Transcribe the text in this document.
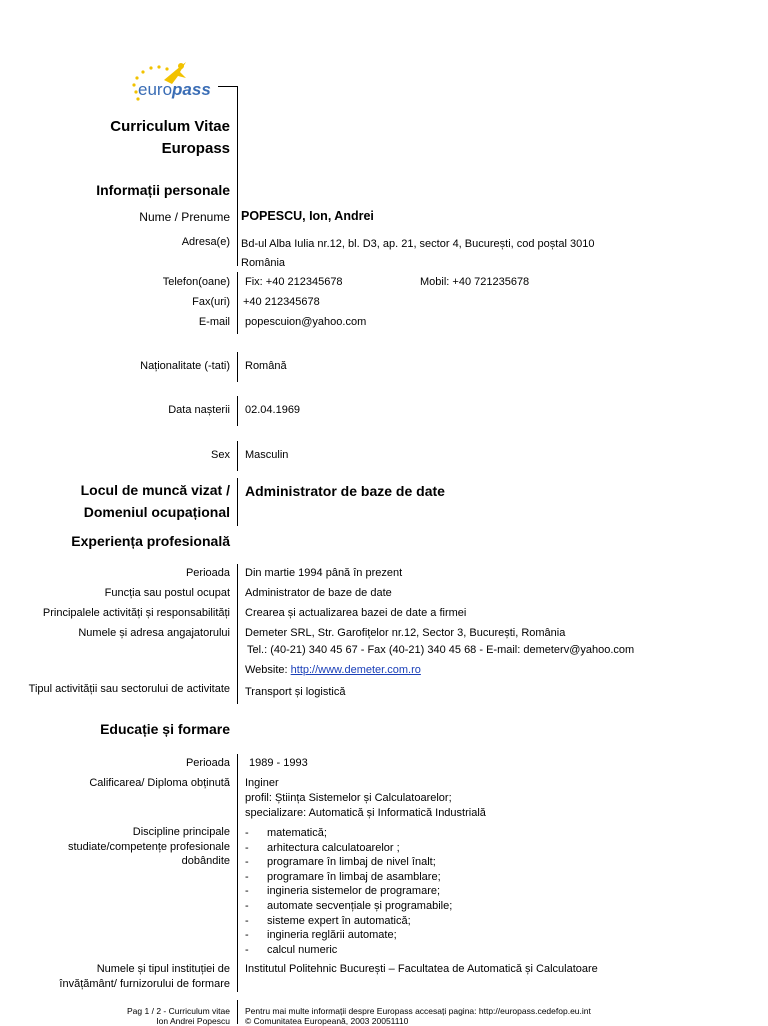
europass
Curriculum Vitae
Europass
Informații personale
Nume / Prenume POPESCU, Ion, Andrei
Adresa(e) Bd-ul Alba Iulia nr.12, bl. D3, ap. 21, sector 4, București, cod poștal 3010
România
Telefon(oane) Fix: +40 212345678	Mobil: +40 721235678
Fax(uri) +40 212345678
E-mail popescuion@yahoo.com
Naționalitate (-tati) Română
Data nașterii 02.04.1969
Sex Masculin
Locul de muncă vizat /
Domeniul ocupațional
Administrator de baze de date
Experiența profesională
Perioada Din martie 1994 până în prezent
Funcția sau postul ocupat Administrator de baze de date
Principalele activități și responsabilități Crearea și actualizarea bazei de date a firmei
Numele și adresa angajatorului Demeter SRL, Str. Garofițelor nr.12, Sector 3, București, România
Tel.: (40-21) 340 45 67 - Fax (40-21) 340 45 68 - E-mail: demeterv@yahoo.com
Website: http://www.demeter.com.ro
Tipul activității sau sectorului de activitate Transport și logistică
Educație și formare
Perioada 1989 - 1993
Calificarea/ Diploma obținută Inginer
profil: Știința Sistemelor și Calculatoarelor;
specializare: Automatică și Informatică Industrială
Discipline principale
studiate/competențe profesionale
dobândite
- matematică;
- arhitectura calculatoarelor ;
- programare în limbaj de nivel înalt;
- programare în limbaj de asamblare;
- ingineria sistemelor de programare;
- automate secvențiale și programabile;
- sisteme expert în automatică;
- ingineria reglării automate;
- calcul numeric
Numele și tipul instituției de
învățământ/ furnizorului de formare
Institutul Politehnic București – Facultatea de Automatică și Calculatoare
Pag 1 / 2 - Curriculum vitae
Ion Andrei Popescu
Pentru mai multe informații despre Europass accesați pagina: http://europass.cedefop.eu.int
© Comunitatea Europeană, 2003 20051110
